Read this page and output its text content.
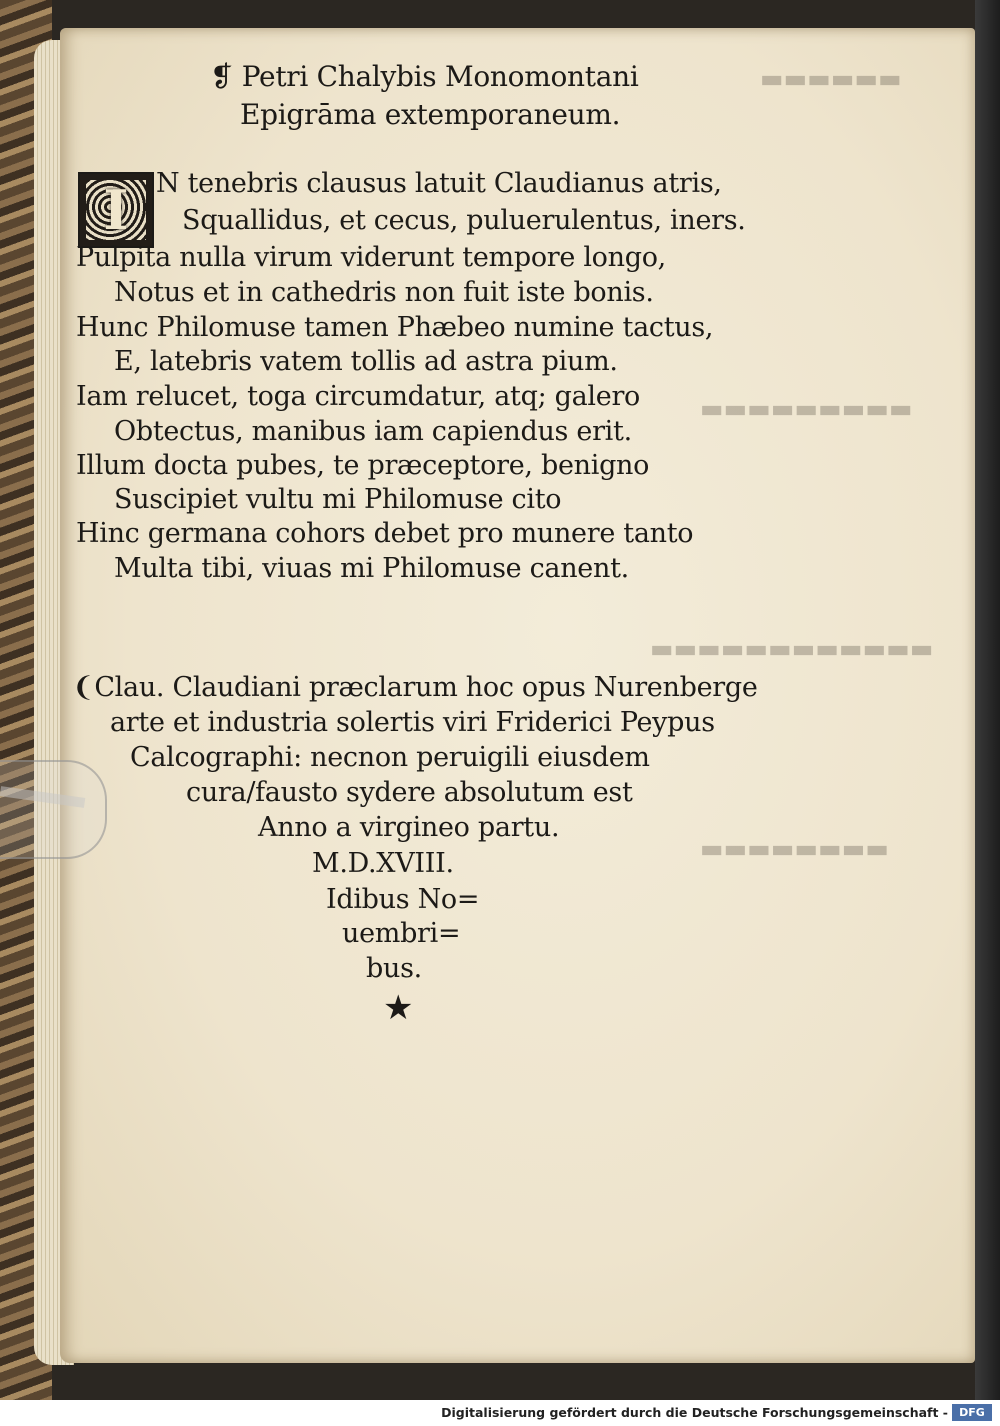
▬▬▬▬▬▬
▬▬▬▬▬▬▬▬▬
▬▬▬▬▬▬▬▬▬▬▬▬
▬▬▬▬▬▬▬▬
❡ Petri Chalybis Monomontani
Epigrāma extemporaneum.
I	N tenebris clausus latuit Claudianus atris,
Squallidus, et cecus, puluerulentus, iners.
Pulpita nulla virum viderunt tempore longo,
Notus et in cathedris non fuit iste bonis.
Hunc Philomuse tamen Phæbeo numine tactus,
E, latebris vatem tollis ad astra pium.
Iam relucet, toga circumdatur, atq; galero
Obtectus, manibus iam capiendus erit.
Illum docta pubes, te præceptore, benigno
Suscipiet vultu mi Philomuse cito
Hinc germana cohors debet pro munere tanto
Multa tibi, viuas mi Philomuse canent.
❨Clau. Claudiani præclarum hoc opus Nurenberge
arte et industria solertis viri Friderici Peypus
Calcographi: necnon peruigili eiusdem
cura/fausto sydere absolutum est
Anno a virgineo partu.
M.D.XVIII.
Idibus No=
uembri=
bus.
★
Digitalisierung gefördert durch die Deutsche Forschungsgemeinschaft -	DFG
